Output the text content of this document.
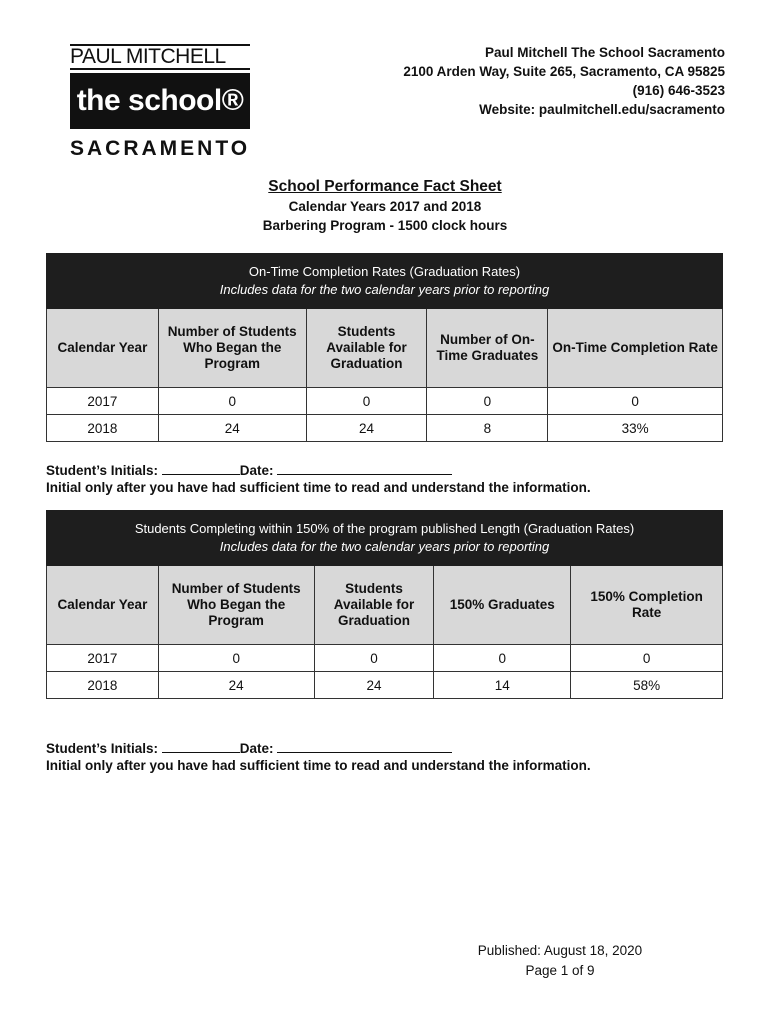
PAUL MITCHELL
the school®
SACRAMENTO
Paul Mitchell The School Sacramento
2100 Arden Way, Suite 265, Sacramento, CA 95825
(916) 646-3523
Website: paulmitchell.edu/sacramento
School Performance Fact Sheet
Calendar Years 2017 and 2018
Barbering Program - 1500 clock hours
On-Time Completion Rates (Graduation Rates)
Includes data for the two calendar years prior to reporting				

Calendar Year	Number of Students Who Began the Program	Students Available for Graduation	Number of On-Time Graduates	On-Time Completion Rate
2017	0	0	0	0
2018	24	24	8	33%
Student’s Initials:	Date:
Initial only after you have had sufficient time to read and understand the information.
Students Completing within 150% of the program published Length (Graduation Rates)
Includes data for the two calendar years prior to reporting				

Calendar Year	Number of Students Who Began the Program	Students Available for Graduation	150% Graduates	150% Completion Rate
2017	0	0	0	0
2018	24	24	14	58%
Student’s Initials:	Date:
Initial only after you have had sufficient time to read and understand the information.
Published: August 18, 2020
Page 1 of 9
